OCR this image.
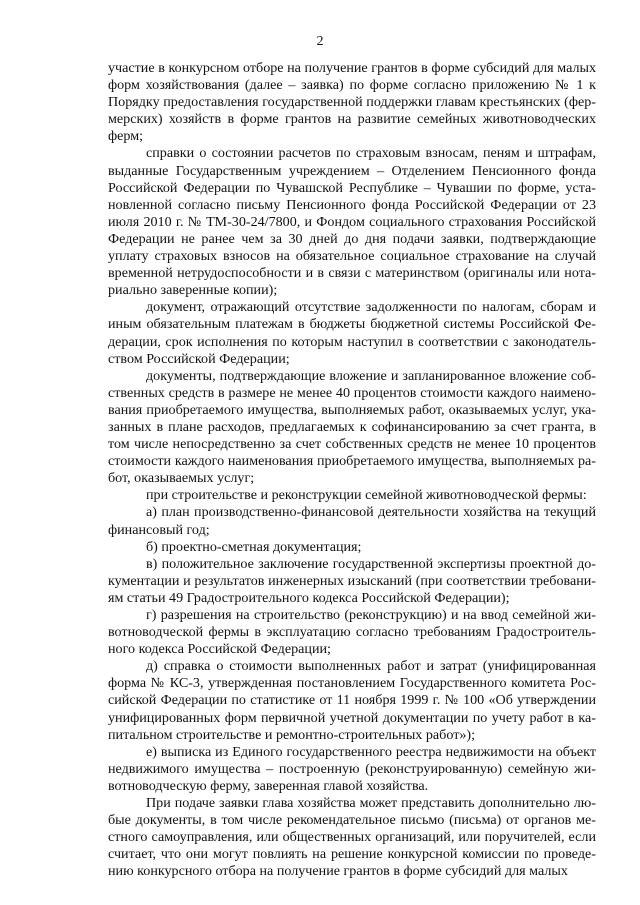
2

участие в конкурсном отборе на получение грантов в форме субсидий для малых форм хозяйствования (далее – заявка) по форме согласно приложению № 1 к Порядку предоставления государственной поддержки главам крестьянских (фермерских) хозяйств в форме грантов на развитие семейных животноводческих ферм;

справки о состоянии расчетов по страховым взносам, пеням и штрафам, выданные Государственным учреждением – Отделением Пенсионного фонда Российской Федерации по Чувашской Республике – Чувашии по форме, установленной согласно письму Пенсионного фонда Российской Федерации от 23 июля 2010 г. № ТМ-30-24/7800, и Фондом социального страхования Российской Федерации не ранее чем за 30 дней до дня подачи заявки, подтверждающие уплату страховых взносов на обязательное социальное страхование на случай временной нетрудоспособности и в связи с материнством (оригиналы или нотариально заверенные копии);

документ, отражающий отсутствие задолженности по налогам, сборам и иным обязательным платежам в бюджеты бюджетной системы Российской Федерации, срок исполнения по которым наступил в соответствии с законодательством Российской Федерации;

документы, подтверждающие вложение и запланированное вложение собственных средств в размере не менее 40 процентов стоимости каждого наименования приобретаемого имущества, выполняемых работ, оказываемых услуг, указанных в плане расходов, предлагаемых к софинансированию за счет гранта, в том числе непосредственно за счет собственных средств не менее 10 процентов стоимости каждого наименования приобретаемого имущества, выполняемых работ, оказываемых услуг;

при строительстве и реконструкции семейной животноводческой фермы:

а) план производственно-финансовой деятельности хозяйства на текущий финансовый год;

б) проектно-сметная документация;

в) положительное заключение государственной экспертизы проектной документации и результатов инженерных изысканий (при соответствии требованиям статьи 49 Градостроительного кодекса Российской Федерации);

г) разрешения на строительство (реконструкцию) и на ввод семейной животноводческой фермы в эксплуатацию согласно требованиям Градостроительного кодекса Российской Федерации;

д) справка о стоимости выполненных работ и затрат (унифицированная форма № КС-3, утвержденная постановлением Государственного комитета Российской Федерации по статистике от 11 ноября 1999 г. № 100 «Об утверждении унифицированных форм первичной учетной документации по учету работ в капитальном строительстве и ремонтно-строительных работ»);

е) выписка из Единого государственного реестра недвижимости на объект недвижимого имущества – построенную (реконструированную) семейную животноводческую ферму, заверенная главой хозяйства.

При подаче заявки глава хозяйства может представить дополнительно любые документы, в том числе рекомендательное письмо (письма) от органов местного самоуправления, или общественных организаций, или поручителей, если считает, что они могут повлиять на решение конкурсной комиссии по проведению конкурсного отбора на получение грантов в форме субсидий для малых
